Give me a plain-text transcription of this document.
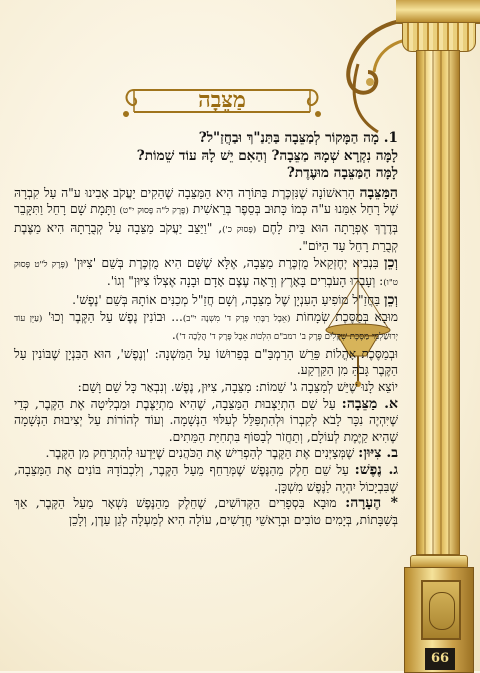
66
מַצֵּבָה

1. מָה הַמָּקוֹר לְמַצֵּבָה בַּתַּנַ"ךְ וּבַחֲזַ"ל?

לָמָּה נִקְרָא שְׁמָהּ מַצֵּבָה? וְהַאִם יֵשׁ לָהּ עוֹד שֵׁמוֹת?

לָמָּה הַמַּצֵּבָה מוּעֶדֶת?

הַמַּצֵּבָה הָרִאשׁוֹנָה שֶׁנִּזְכֶּרֶת בַּתּוֹרָה הִיא הַמַּצֵּבָה שֶׁהֵקִים יַעֲקֹב אָבִינוּ ע"ה עַל קִבְרָהּ שֶׁל רָחֵל אִמֵּנוּ ע"ה כְּמוֹ כָּתוּב בְּסֵפֶר בְּרֵאשִׁית (פֶּרֶק ל"ה פָּסוּק י"ט) וַתָּמָת שָׁם רָחֵל וַתִּקָּבֵר בְּדֶרֶךְ אֶפְרָתָה הוּא בֵּית לָחֶם (פָּסוּק כ'), "וַיַּצֵּב יַעֲקֹב מַצֵּבָה עַל קְבֻרָתָהּ הִיא מַצֶּבֶת קְבֻרַת רָחֵל עַד הַיּוֹם".

וְכֵן בִּנְבִיא יְחֶזְקֵאל מֻזְכֶּרֶת מַצֵּבָה, אֶלָּא שֶׁשָּׁם הִיא מֻזְכֶּרֶת בְּשֵׁם 'צִיּוּן' (פֶּרֶק ל"ט פָּסוּק ט"ו): וְעָבְרוּ הָעֹבְרִים בָּאָרֶץ וְרָאָה עֶצֶם אָדָם וּבָנָה אֶצְלוֹ צִיּוּן" וְגוֹ'.

וְכֵן בַּחֲזַ"ל מוֹפִיעַ הָעִנְיָן שֶׁל מַצֵּבָה, וְשָׁם חֲזַ"ל מְכַנִּים אוֹתָהּ בְּשֵׁם 'נֶפֶשׁ'.

מוּבָא בְּמַסֶּכֶת שְׂמָחוֹת (אֵבֶל רַבָּתִי פֶּרֶק ד' מִשְׁנָה י"ב)... וּבוֹנִין נֶפֶשׁ עַל הַקֶּבֶר וְכוּ' (עַיֵּן עוֹד יְרוּשַׁלְמִי מַסֶּכֶת שְׁקָלִים פֶּרֶק ב' רמב"ם הִלְכוֹת אֵבֶל פֶּרֶק ד' הֲלָכָה ד').

וּבְמַסֶּכֶת אָהֳלוֹת פֵּרֵשׁ הָרַמְבַּ"ם בְּפֵרוּשׁוֹ עַל הַמִּשְׁנָה: 'וְנֶפֶשׁ', הוּא הַבִּנְיָן שֶׁבּוֹנִין עַל הַקֶּבֶר גָּבֹהַּ מִן הַקַּרְקַע.

יוֹצֵא לָנוּ שֶׁיֵּשׁ לְמַצֵּבָה ג' שֵׁמוֹת: מַצֵּבָה, צִיּוּן, נֶפֶשׁ. וְנִבְאַר כָּל שֵׁם וָשֵׁם:

א. מַצֵּבָה: עַל שֵׁם הִתְיַצְּבוּת הַמַּצֵּבָה, שֶׁהִיא מִתְיַצֶּבֶת וּמַבְלִיטָה אֶת הַקֶּבֶר, כְּדֵי שֶׁיִּהְיֶה נִכָּר לָבֹא לְקִבְרוֹ וּלְהִתְפַּלֵּל לְעִלּוּי הַנְּשָׁמָה. וְעוֹד לְהוֹרוֹת עַל יְצִיבוּת הַנְּשָׁמָה שֶׁהִיא קַיֶּמֶת לְעוֹלָם, וְתַחֲזֹר לְבַסּוֹף בִּתְחִיַּת הַמֵּתִים.

ב. צִיּוּן: שֶׁמְּצַיְּנִים אֶת הַקֶּבֶר לְהַפְרִישׁ אֶת הַכֹּהֲנִים שֶׁיֵּדְעוּ לְהִתְרַחֵק מִן הַקֶּבֶר.

ג. נֶפֶשׁ: עַל שֵׁם חֵלֶק מֵהַנֶּפֶשׁ שֶׁמְּרַחֵף מֵעַל הַקֶּבֶר, וְלִכְבוֹדָהּ בּוֹנִים אֶת הַמַּצֵּבָה, שֶׁבִּבְיָכוֹל יִהְיֶה לַנֶּפֶשׁ מִשְׁכָּן.

* הֶעָרָה: מוּבָא בִּסְפָרִים הַקְּדוֹשִׁים, שֶׁחֵלֶק מֵהַנֶּפֶשׁ נִשְׁאָר מֵעַל הַקֶּבֶר, אַךְ בְּשַׁבָּתוֹת, בְּיָמִים טוֹבִים וּבְרָאשֵׁי חֳדָשִׁים, עוֹלָה הִיא לְמַעְלָה לְגַן עֵדֶן, וְלָכֵן
